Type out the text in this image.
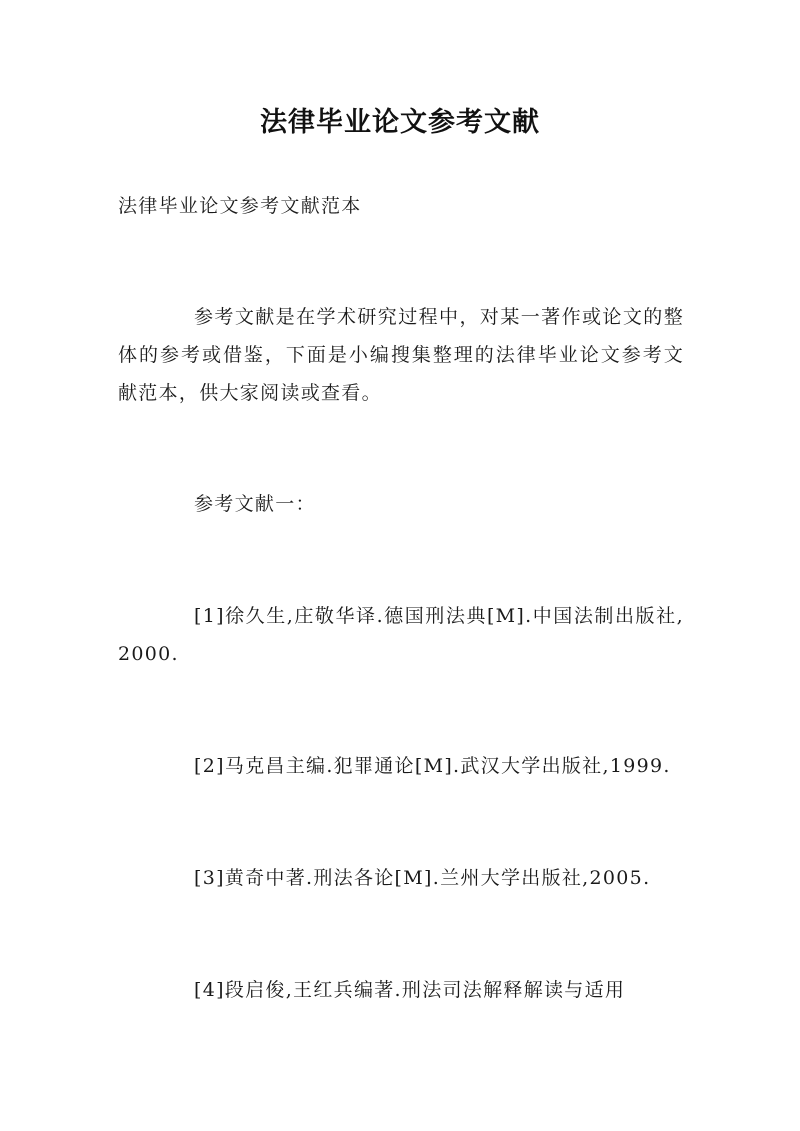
法律毕业论文参考文献

法律毕业论文参考文献范本

参考文献是在学术研究过程中，对某一著作或论文的整体的参考或借鉴，下面是小编搜集整理的法律毕业论文参考文献范本，供大家阅读或查看。

参考文献一：

[1]徐久生,庄敬华译.德国刑法典[M].中国法制出版社,2000.

[2]马克昌主编.犯罪通论[M].武汉大学出版社,1999.

[3]黄奇中著.刑法各论[M].兰州大学出版社,2005.

[4]段启俊,王红兵编著.刑法司法解释解读与适用
